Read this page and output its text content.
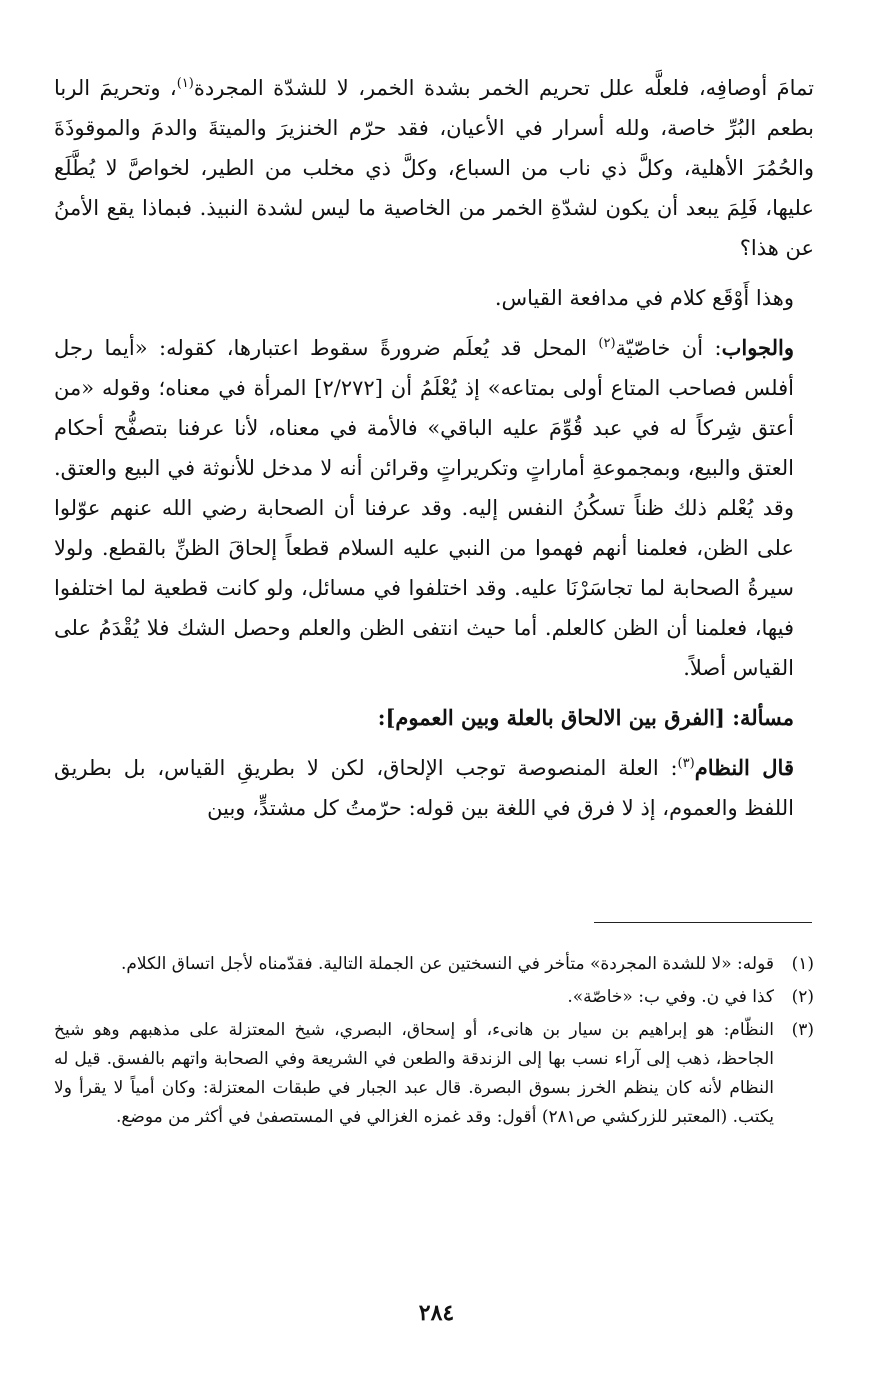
تمامَ أوصافِه، فلعلَّه علل تحريم الخمر بشدة الخمر، لا للشدّة المجردة$^{(١)}$، وتحريمَ الربا بطعم البُرِّ خاصة، ولله أسرار في الأعيان، فقد حرّم الخنزيرَ والميتةَ والدمَ والموقوذَةَ والحُمُرَ الأهلية، وكلَّ ذي ناب من السباع، وكلَّ ذي مخلب من الطير، لخواصَّ لا يُطَّلَع عليها، فَلِمَ يبعد أن يكون لشدّةِ الخمر من الخاصية ما ليس لشدة النبيذ. فبماذا يقع الأمنُ عن هذا؟

وهذا أَوْقَع كلام في مدافعة القياس.

والجواب: أن خاصّيّة$^{(٢)}$ المحل قد يُعلَم ضرورةً سقوط اعتبارها، كقوله: «أيما رجل أفلس فصاحب المتاع أولى بمتاعه» إذ يُعْلَمُ أن [٢/٢٧٢] المرأة في معناه؛ وقوله «من أعتق شِركاً له في عبد قُوِّمَ عليه الباقي» فالأمة في معناه، لأنا عرفنا بتصفُّح أحكام العتق والبيع، وبمجموعةِ أماراتٍ وتكريراتٍ وقرائن أنه لا مدخل للأنوثة في البيع والعتق. وقد يُعْلم ذلك ظناً تسكُنُ النفس إليه. وقد عرفنا أن الصحابة رضي الله عنهم عوّلوا على الظن، فعلمنا أنهم فهموا من النبي عليه السلام قطعاً إلحاقَ الظنِّ بالقطع. ولولا سيرةُ الصحابة لما تجاسَرْنَا عليه. وقد اختلفوا في مسائل، ولو كانت قطعية لما اختلفوا فيها، فعلمنا أن الظن كالعلم. أما حيث انتفى الظن والعلم وحصل الشك فلا يُقْدَمُ على القياس أصلاً.

مسألة: [الفرق بين الالحاق بالعلة وبين العموم]:

قال النظام$^{(٣)}$: العلة المنصوصة توجب الإلحاق، لكن لا بطريقِ القياس، بل بطريق اللفظ والعموم، إذ لا فرق في اللغة بين قوله: حرّمتُ كل مشتدٍّ، وبين

(١)
قوله: «لا للشدة المجردة» متأخر في النسختين عن الجملة التالية. فقدّمناه لأجل اتساق الكلام.
(٢)
كذا في ن. وفي ب: «خاصّة».
(٣)
النظّام: هو إبراهيم بن سيار بن هانىء، أو إسحاق، البصري، شيخ المعتزلة على مذهبهم وهو شيخ الجاحظ، ذهب إلى آراء نسب بها إلى الزندقة والطعن في الشريعة وفي الصحابة واتهم بالفسق. قيل له النظام لأنه كان ينظم الخرز بسوق البصرة. قال عبد الجبار في طبقات المعتزلة: وكان أمياً لا يقرأ ولا يكتب. (المعتبر للزركشي ص٢٨١) أقول: وقد غمزه الغزالي في المستصفىٰ في أكثر من موضع.
٢٨٤
